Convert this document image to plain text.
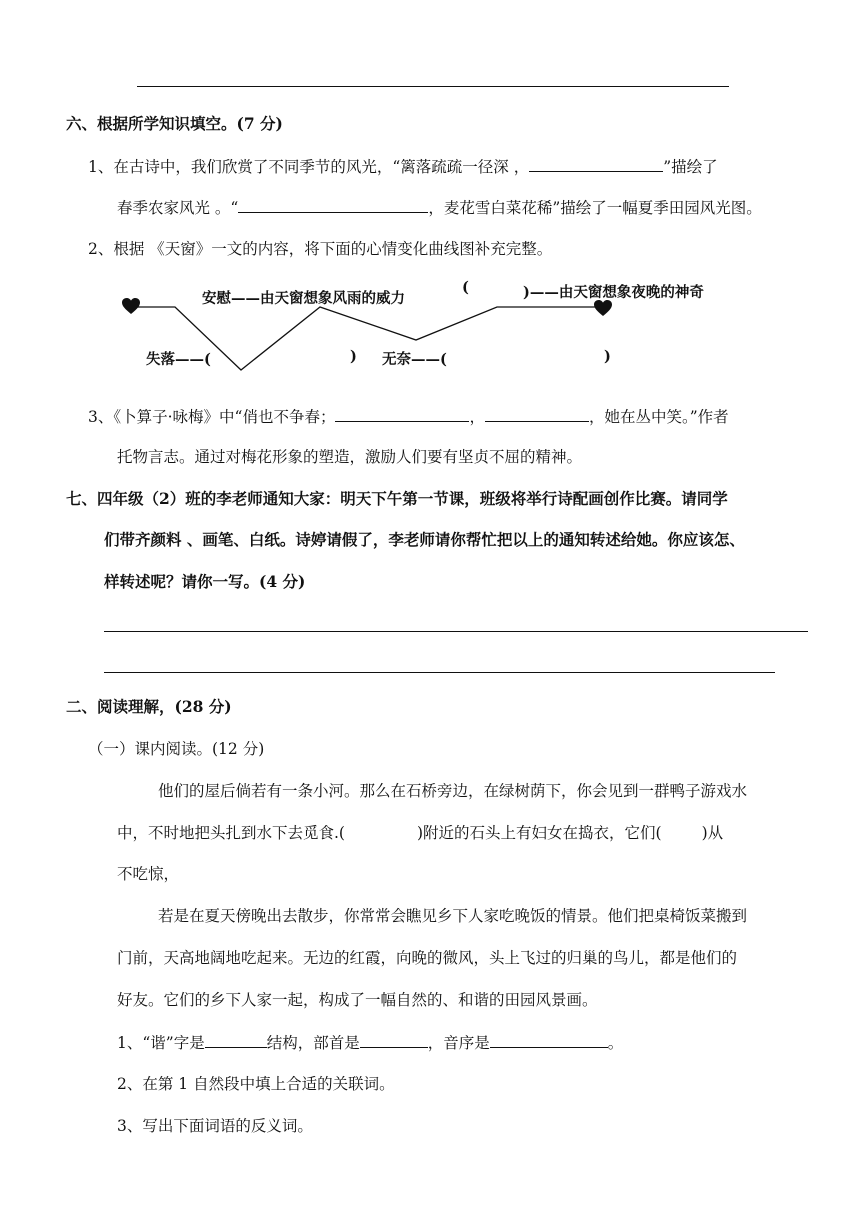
六、根据所学知识填空。(7 分)
1、在古诗中，我们欣赏了不同季节的风光，“篱落疏疏一径深 ，	”描绘了
春季农家风光 。“	，麦花雪白菜花稀”描绘了一幅夏季田园风光图。
2、根据 《天窗》一文的内容，将下面的心情变化曲线图补充完整。
安慰——由天窗想象风雨的威力
(	)——由天窗想象夜晚的神奇
失落——(	) 无奈——(	)
3、《卜算子·咏梅》中“俏也不争春；	，	，她在丛中笑。”作者
托物言志。通过对梅花形象的塑造，激励人们要有坚贞不屈的精神。
七、四年级（2）班的李老师通知大家：明天下午第一节课，班级将举行诗配画创作比赛。请同学
们带齐颜料 、画笔、白纸。诗婷请假了，李老师请你帮忙把以上的通知转述给她。你应该怎、
样转述呢？请你一写。(4 分)
二、阅读理解，(28 分)
（一）课内阅读。(12 分)
他们的屋后倘若有一条小河。那么在石桥旁边，在绿树荫下，你会见到一群鸭子游戏水
中，不时地把头扎到水下去觅食.(	)附近的石头上有妇女在捣衣，它们(	)从
不吃惊，
若是在夏天傍晚出去散步，你常常会瞧见乡下人家吃晚饭的情景。他们把桌椅饭菜搬到
门前，天高地阔地吃起来。无边的红霞，向晚的微风，头上飞过的归巢的鸟儿，都是他们的
好友。它们的乡下人家一起，构成了一幅自然的、和谐的田园风景画。
1、“谐”字是	结构，部首是	，音序是	。
2、在第 1 自然段中填上合适的关联词。
3、写出下面词语的反义词。
